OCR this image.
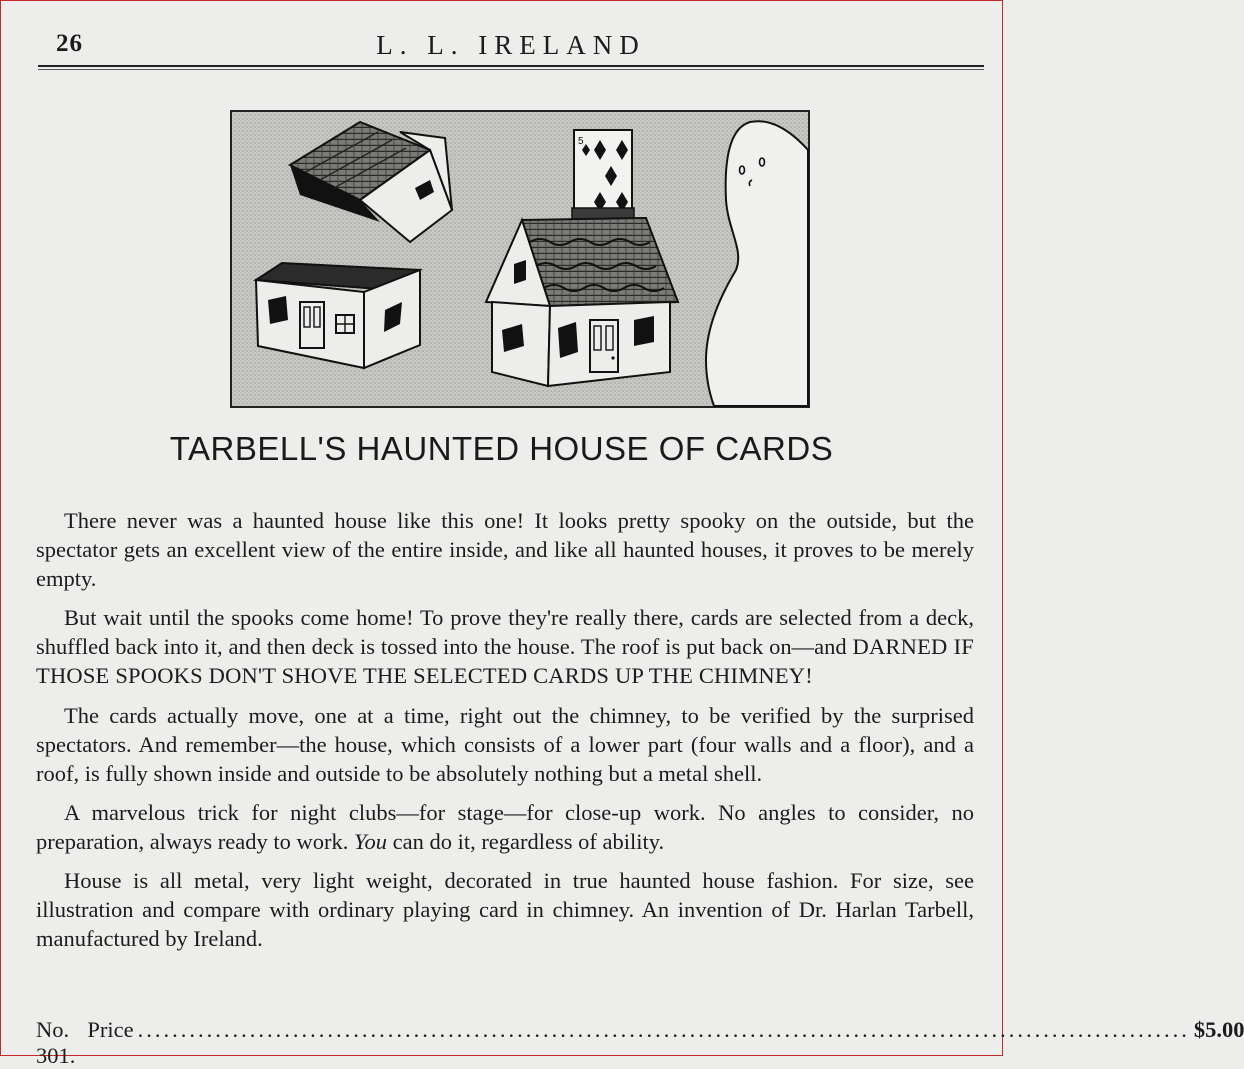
26	L. L. IRELAND
5
TARBELL'S HAUNTED HOUSE OF CARDS

There never was a haunted house like this one! It looks pretty spooky on the outside, but the spectator gets an excellent view of the entire inside, and like all haunted houses, it proves to be merely empty.

But wait until the spooks come home! To prove they're really there, cards are selected from a deck, shuffled back into it, and then deck is tossed into the house. The roof is put back on—and DARNED IF THOSE SPOOKS DON'T SHOVE THE SELECTED CARDS UP THE CHIMNEY!

The cards actually move, one at a time, right out the chimney, to be verified by the surprised spectators. And remember—the house, which consists of a lower part (four walls and a floor), and a roof, is fully shown inside and outside to be absolutely nothing but a metal shell.

A marvelous trick for night clubs—for stage—for close-up work. No angles to consider, no preparation, always ready to work. You can do it, regardless of ability.

House is all metal, very light weight, decorated in true haunted house fashion. For size, see illustration and compare with ordinary playing card in chimney. An invention of Dr. Harlan Tarbell, manufactured by Ireland.

No. 301.
Price .......................................................................................................................... $5.00
